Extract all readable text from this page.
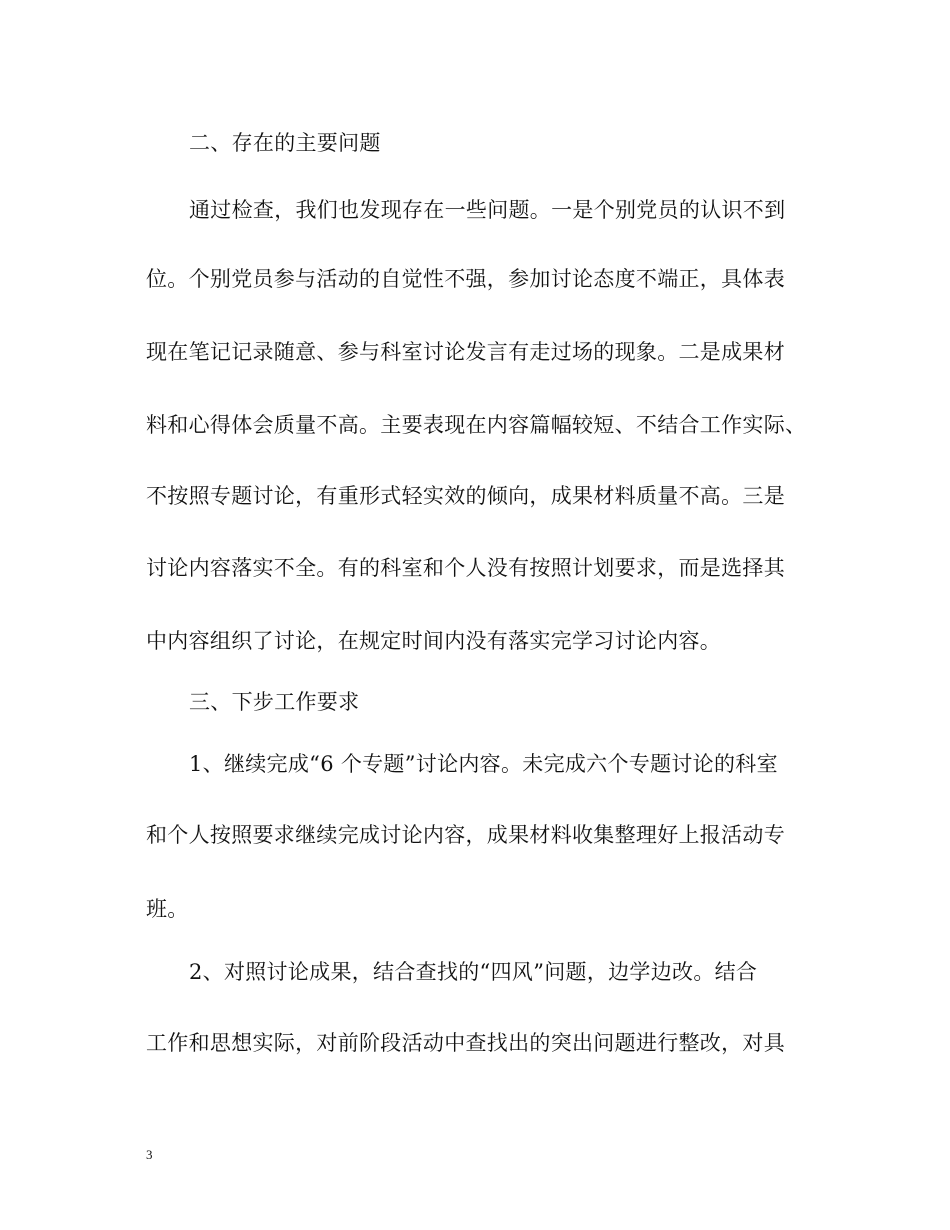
二、存在的主要问题
通过检查，我们也发现存在一些问题。一是个别党员的认识不到
位。个别党员参与活动的自觉性不强，参加讨论态度不端正，具体表
现在笔记记录随意、参与科室讨论发言有走过场的现象。二是成果材
料和心得体会质量不高。主要表现在内容篇幅较短、不结合工作实际、
不按照专题讨论，有重形式轻实效的倾向，成果材料质量不高。三是
讨论内容落实不全。有的科室和个人没有按照计划要求，而是选择其
中内容组织了讨论，在规定时间内没有落实完学习讨论内容。
三、下步工作要求
1、继续完成“6 个专题”讨论内容。未完成六个专题讨论的科室
和个人按照要求继续完成讨论内容，成果材料收集整理好上报活动专
班。
2、对照讨论成果，结合查找的“四风”问题，边学边改。结合
工作和思想实际，对前阶段活动中查找出的突出问题进行整改，对具
3
